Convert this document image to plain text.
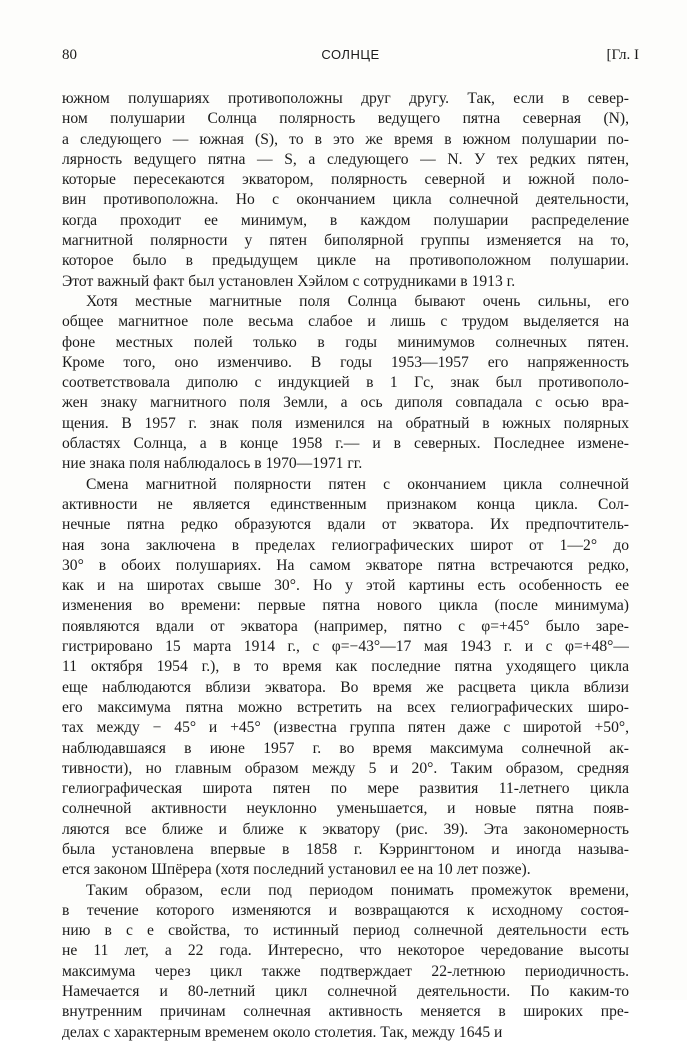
80	СОЛНЦЕ	[Гл. I
южном полушариях противоположны друг другу. Так, если в север-
ном полушарии Солнца полярность ведущего пятна северная (N),
а следующего — южная (S), то в это же время в южном полушарии по-
лярность ведущего пятна — S, а следующего — N. У тех редких пятен,
которые пересекаются экватором, полярность северной и южной поло-
вин противоположна. Но с окончанием цикла солнечной деятельности,
когда проходит ее минимум, в каждом полушарии распределение
магнитной полярности у пятен биполярной группы изменяется на то,
которое было в предыдущем цикле на противоположном полушарии.
Этот важный факт был установлен Хэйлом с сотрудниками в 1913 г.
Хотя местные магнитные поля Солнца бывают очень сильны, его
общее магнитное поле весьма слабое и лишь с трудом выделяется на
фоне местных полей только в годы минимумов солнечных пятен.
Кроме того, оно изменчиво. В годы 1953—1957 его напряженность
соответствовала диполю с индукцией в 1 Гс, знак был противополо-
жен знаку магнитного поля Земли, а ось диполя совпадала с осью вра-
щения. В 1957 г. знак поля изменился на обратный в южных полярных
областях Солнца, а в конце 1958 г.— и в северных. Последнее измене-
ние знака поля наблюдалось в 1970—1971 гг.
Смена магнитной полярности пятен с окончанием цикла солнечной
активности не является единственным признаком конца цикла. Сол-
нечные пятна редко образуются вдали от экватора. Их предпочтитель-
ная зона заключена в пределах гелиографических широт от 1—2° до
30° в обоих полушариях. На самом экваторе пятна встречаются редко,
как и на широтах свыше 30°. Но у этой картины есть особенность ее
изменения во времени: первые пятна нового цикла (после минимума)
появляются вдали от экватора (например, пятно с φ=+45° было заре-
гистрировано 15 марта 1914 г., с φ=−43°—17 мая 1943 г. и с φ=+48°—
11 октября 1954 г.), в то время как последние пятна уходящего цикла
еще наблюдаются вблизи экватора. Во время же расцвета цикла вблизи
его максимума пятна можно встретить на всех гелиографических широ-
тах между − 45° и +45° (известна группа пятен даже с широтой +50°,
наблюдавшаяся в июне 1957 г. во время максимума солнечной ак-
тивности), но главным образом между 5 и 20°. Таким образом, средняя
гелиографическая широта пятен по мере развития 11-летнего цикла
солнечной активности неуклонно уменьшается, и новые пятна появ-
ляются все ближе и ближе к экватору (рис. 39). Эта закономерность
была установлена впервые в 1858 г. Кэррингтоном и иногда называ-
ется законом Шпёрера (хотя последний установил ее на 10 лет позже).
Таким образом, если под периодом понимать промежуток времени,
в течение которого изменяются и возвращаются к исходному состоя-
нию в с е свойства, то истинный период солнечной деятельности есть
не 11 лет, а 22 года. Интересно, что некоторое чередование высоты
максимума через цикл также подтверждает 22-летнюю периодичность.
Намечается и 80-летний цикл солнечной деятельности. По каким-то
внутренним причинам солнечная активность меняется в широких пре-
делах с характерным временем около столетия. Так, между 1645 и
